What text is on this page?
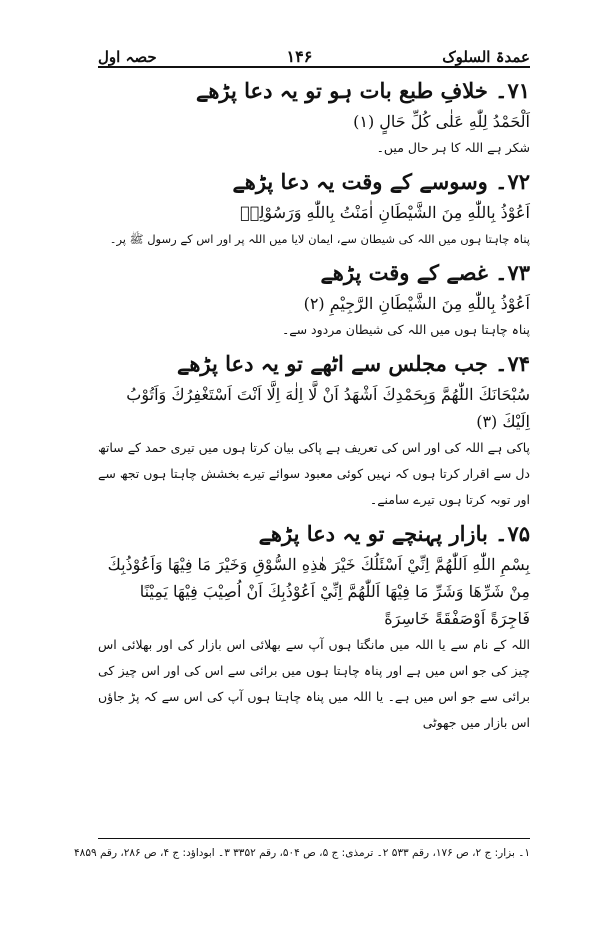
عمدۃ السلوک
۱۴۶
حصہ اول
۷۱۔ خلافِ طبع بات ہو تو یہ دعا پڑھے
اَلْحَمْدُ لِلّٰهِ عَلٰى كُلِّ حَالٍ (۱)
شکر ہے اللہ کا ہر حال میں۔
۷۲۔ وسوسے کے وقت یہ دعا پڑھے
اَعُوْذُ بِاللّٰهِ مِنَ الشَّيْطَانِ اٰمَنْتُ بِاللّٰهِ وَرَسُوْلِهٖ
پناہ چاہتا ہوں میں اللہ کی شیطان سے، ایمان لایا میں اللہ پر اور اس کے رسول ﷺ پر۔
۷۳۔ غصے کے وقت پڑھے
اَعُوْذُ بِاللّٰهِ مِنَ الشَّيْطَانِ الرَّجِيْمِ (۲)
پناہ چاہتا ہوں میں اللہ کی شیطان مردود سے۔
۷۴۔ جب مجلس سے اٹھے تو یہ دعا پڑھے
سُبْحَانَكَ اللّٰهُمَّ وَبِحَمْدِكَ اَشْهَدُ اَنْ لَّا اِلٰهَ اِلَّا اَنْتَ اَسْتَغْفِرُكَ وَاَتُوْبُ اِلَيْكَ (۳)
پاکی ہے اللہ کی اور اس کی تعریف ہے پاکی بیان کرتا ہوں میں تیری حمد کے ساتھ دل سے اقرار کرتا ہوں کہ نہیں کوئی معبود سوائے تیرے بخشش چاہتا ہوں تجھ سے اور توبہ کرتا ہوں تیرے سامنے۔
۷۵۔ بازار پہنچے تو یہ دعا پڑھے
بِسْمِ اللّٰهِ اَللّٰهُمَّ اِنِّيْ اَسْئَلُكَ خَيْرَ هٰذِهِ السُّوْقِ وَخَيْرَ مَا فِيْهَا وَاَعُوْذُبِكَ مِنْ شَرِّهَا وَشَرِّ مَا فِيْهَا اَللّٰهُمَّ اِنِّيْ اَعُوْذُبِكَ اَنْ اُصِيْبَ فِيْهَا يَمِيْنًا فَاجِرَةً اَوْصَفْقَةً خَاسِرَةً
اللہ کے نام سے یا اللہ میں مانگتا ہوں آپ سے بھلائی اس بازار کی اور بھلائی اس چیز کی جو اس میں ہے اور پناہ چاہتا ہوں میں برائی سے اس کی اور اس چیز کی برائی سے جو اس میں ہے۔ یا اللہ میں پناہ چاہتا ہوں آپ کی اس سے کہ پڑ جاؤں اس بازار میں جھوٹی
۱۔ بزار: ج ۲، ص ۱۷۶، رقم ۵۳۳ ۲۔ ترمذی: ج ۵، ص ۵۰۴، رقم ۳۳۵۲ ۳۔ ابوداؤد: ج ۴، ص ۲۸۶، رقم ۴۸۵۹
